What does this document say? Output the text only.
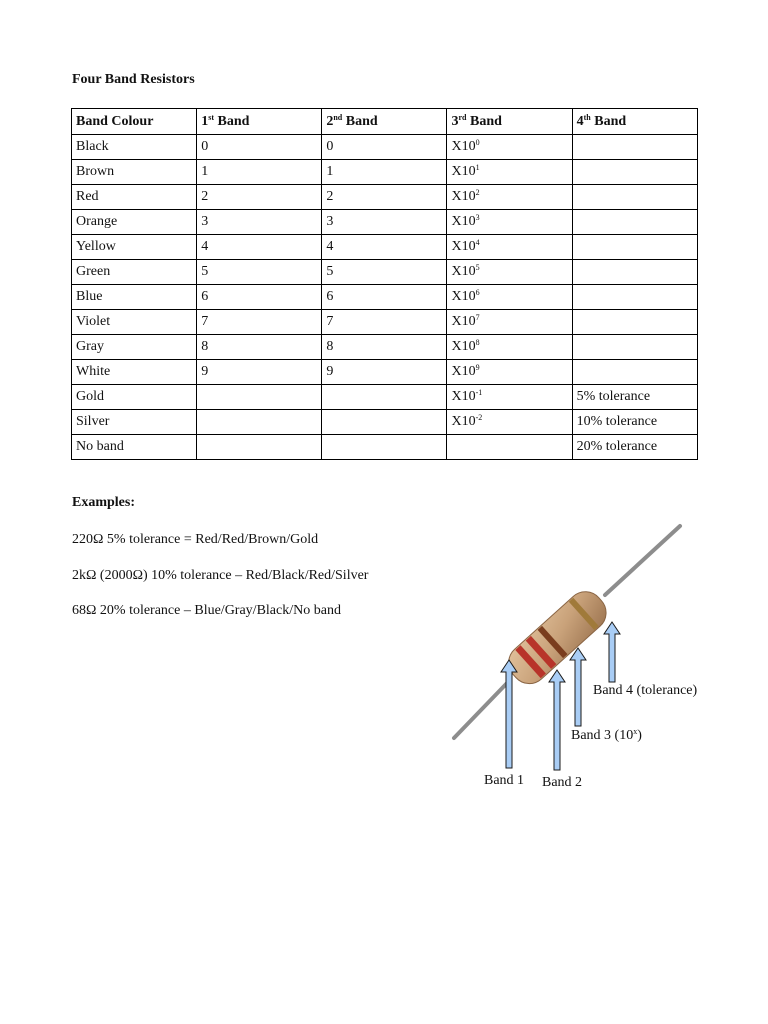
Four Band Resistors
Band Colour	1st Band	2nd Band	3rd Band	4th Band
Black	0	0	$X10^0$	
Brown	1	1	$X10^1$	
Red	2	2	$X10^2$	
Orange	3	3	$X10^3$	
Yellow	4	4	$X10^4$	
Green	5	5	$X10^5$	
Blue	6	6	$X10^6$	
Violet	7	7	$X10^7$	
Gray	8	8	$X10^8$	
White	9	9	$X10^9$	
Gold			$X10^{-1}$	5% tolerance
Silver			$X10^{-2}$	10% tolerance
No band				20% tolerance
Examples:
220Ω 5% tolerance = Red/Red/Brown/Gold
2kΩ (2000Ω) 10% tolerance – Red/Black/Red/Silver
68Ω 20% tolerance – Blue/Gray/Black/No band
Band 1 Band 2
Band 3 (10$^x$)
Band 4 (tolerance)
